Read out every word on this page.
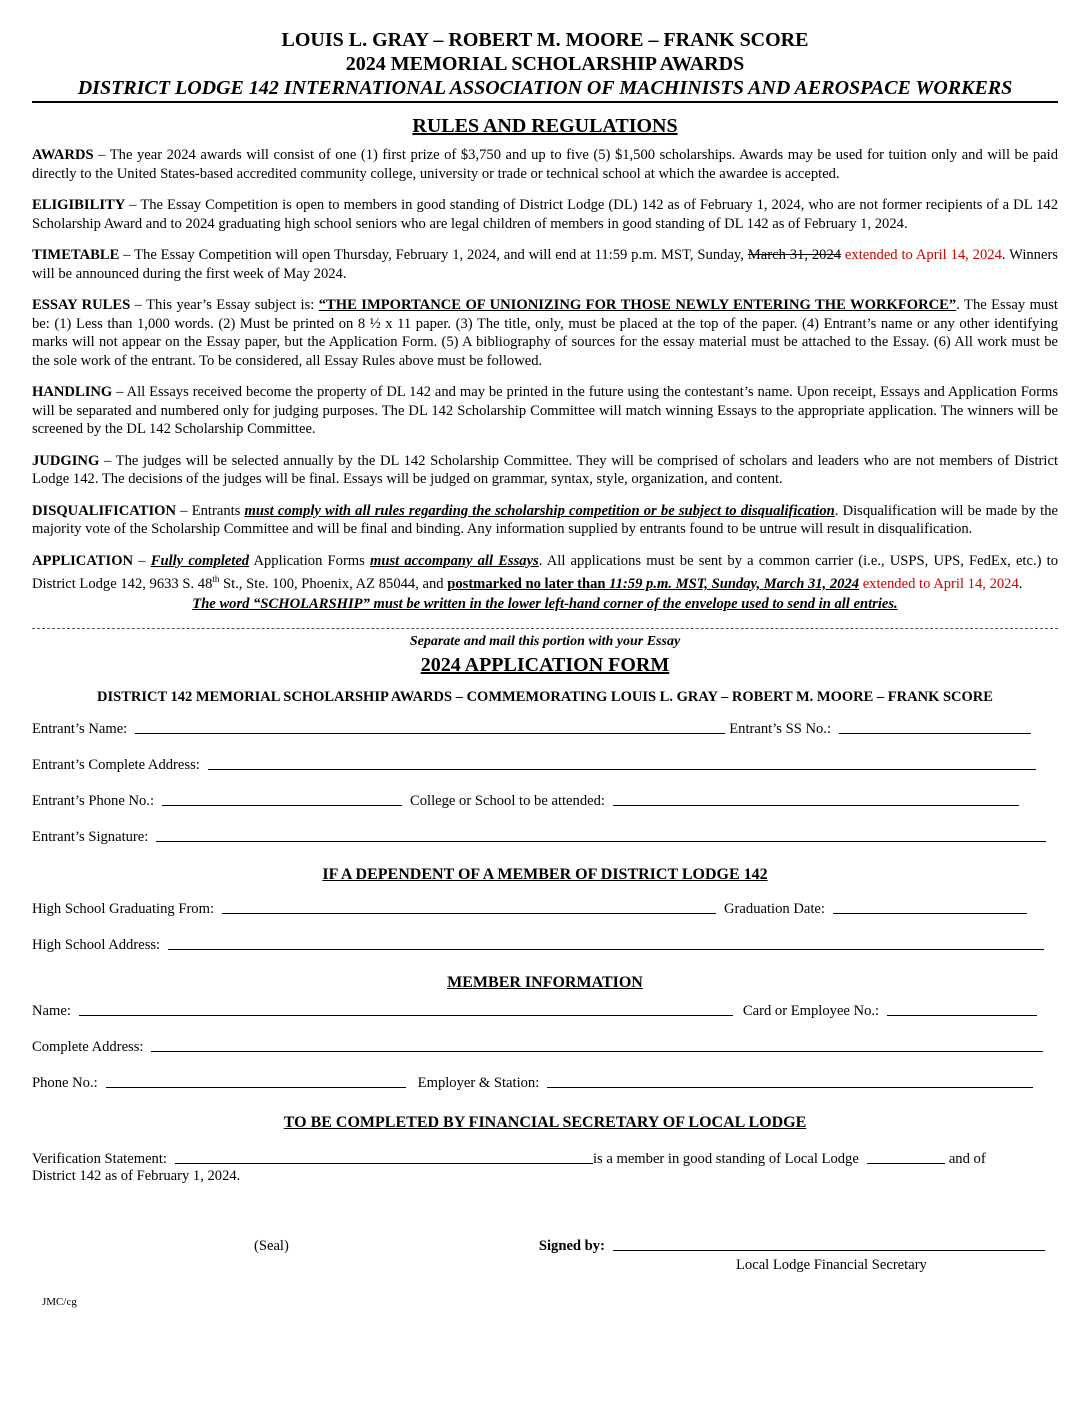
LOUIS L. GRAY – ROBERT M. MOORE – FRANK SCORE
2024 MEMORIAL SCHOLARSHIP AWARDS
DISTRICT LODGE 142 INTERNATIONAL ASSOCIATION OF MACHINISTS AND AEROSPACE WORKERS
RULES AND REGULATIONS
AWARDS – The year 2024 awards will consist of one (1) first prize of $3,750 and up to five (5) $1,500 scholarships. Awards may be used for tuition only and will be paid directly to the United States-based accredited community college, university or trade or technical school at which the awardee is accepted.
ELIGIBILITY – The Essay Competition is open to members in good standing of District Lodge (DL) 142 as of February 1, 2024, who are not former recipients of a DL 142 Scholarship Award and to 2024 graduating high school seniors who are legal children of members in good standing of DL 142 as of February 1, 2024.
TIMETABLE – The Essay Competition will open Thursday, February 1, 2024, and will end at 11:59 p.m. MST, Sunday, March 31, 2024 extended to April 14, 2024. Winners will be announced during the first week of May 2024.
ESSAY RULES – This year’s Essay subject is: “THE IMPORTANCE OF UNIONIZING FOR THOSE NEWLY ENTERING THE WORKFORCE”. The Essay must be: (1) Less than 1,000 words. (2) Must be printed on 8 ½ x 11 paper. (3) The title, only, must be placed at the top of the paper. (4) Entrant’s name or any other identifying marks will not appear on the Essay paper, but the Application Form. (5) A bibliography of sources for the essay material must be attached to the Essay. (6) All work must be the sole work of the entrant. To be considered, all Essay Rules above must be followed.
HANDLING – All Essays received become the property of DL 142 and may be printed in the future using the contestant’s name. Upon receipt, Essays and Application Forms will be separated and numbered only for judging purposes. The DL 142 Scholarship Committee will match winning Essays to the appropriate application. The winners will be screened by the DL 142 Scholarship Committee.
JUDGING – The judges will be selected annually by the DL 142 Scholarship Committee. They will be comprised of scholars and leaders who are not members of District Lodge 142. The decisions of the judges will be final. Essays will be judged on grammar, syntax, style, organization, and content.
DISQUALIFICATION – Entrants must comply with all rules regarding the scholarship competition or be subject to disqualification. Disqualification will be made by the majority vote of the Scholarship Committee and will be final and binding. Any information supplied by entrants found to be untrue will result in disqualification.
APPLICATION – Fully completed Application Forms must accompany all Essays. All applications must be sent by a common carrier (i.e., USPS, UPS, FedEx, etc.) to District Lodge 142, 9633 S. 48th St., Ste. 100, Phoenix, AZ 85044, and postmarked no later than 11:59 p.m. MST, Sunday, March 31, 2024 extended to April 14, 2024.
The word “SCHOLARSHIP” must be written in the lower left-hand corner of the envelope used to send in all entries.
Separate and mail this portion with your Essay
2024 APPLICATION FORM
DISTRICT 142 MEMORIAL SCHOLARSHIP AWARDS – COMMEMORATING LOUIS L. GRAY – ROBERT M. MOORE – FRANK SCORE
Entrant’s Name:	Entrant’s SS No.:
Entrant’s Complete Address:
Entrant’s Phone No.:	College or School to be attended:
Entrant’s Signature:
IF A DEPENDENT OF A MEMBER OF DISTRICT LODGE 142
High School Graduating From:	Graduation Date:
High School Address:
MEMBER INFORMATION
Name:	Card or Employee No.:
Complete Address:
Phone No.:	Employer & Station:
TO BE COMPLETED BY FINANCIAL SECRETARY OF LOCAL LODGE
Verification Statement:	is a member in good standing of Local Lodge	and of
District 142 as of February 1, 2024.
(Seal)	Signed by:
Local Lodge Financial Secretary
JMC/cg
